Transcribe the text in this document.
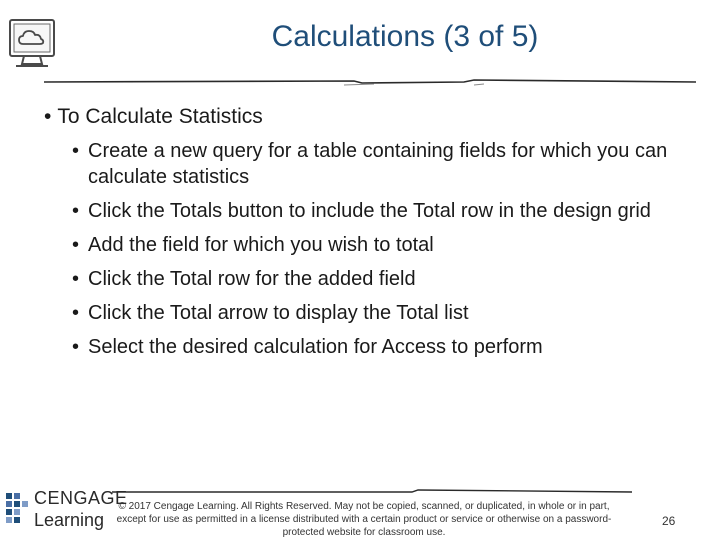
Calculations (3 of 5)

• To Calculate Statistics

• Create a new query for a table containing fields for which you can calculate statistics
• Click the Totals button to include the Total row in the design grid
• Add the field for which you wish to total
• Click the Total row for the added field
• Click the Total arrow to display the Total list
• Select the desired calculation for Access to perform
CENGAGE
Learning
© 2017 Cengage Learning. All Rights Reserved. May not be copied, scanned, or duplicated, in whole or in part, except for use as permitted in a license distributed with a certain product or service or otherwise on a password-protected website for classroom use.
26
